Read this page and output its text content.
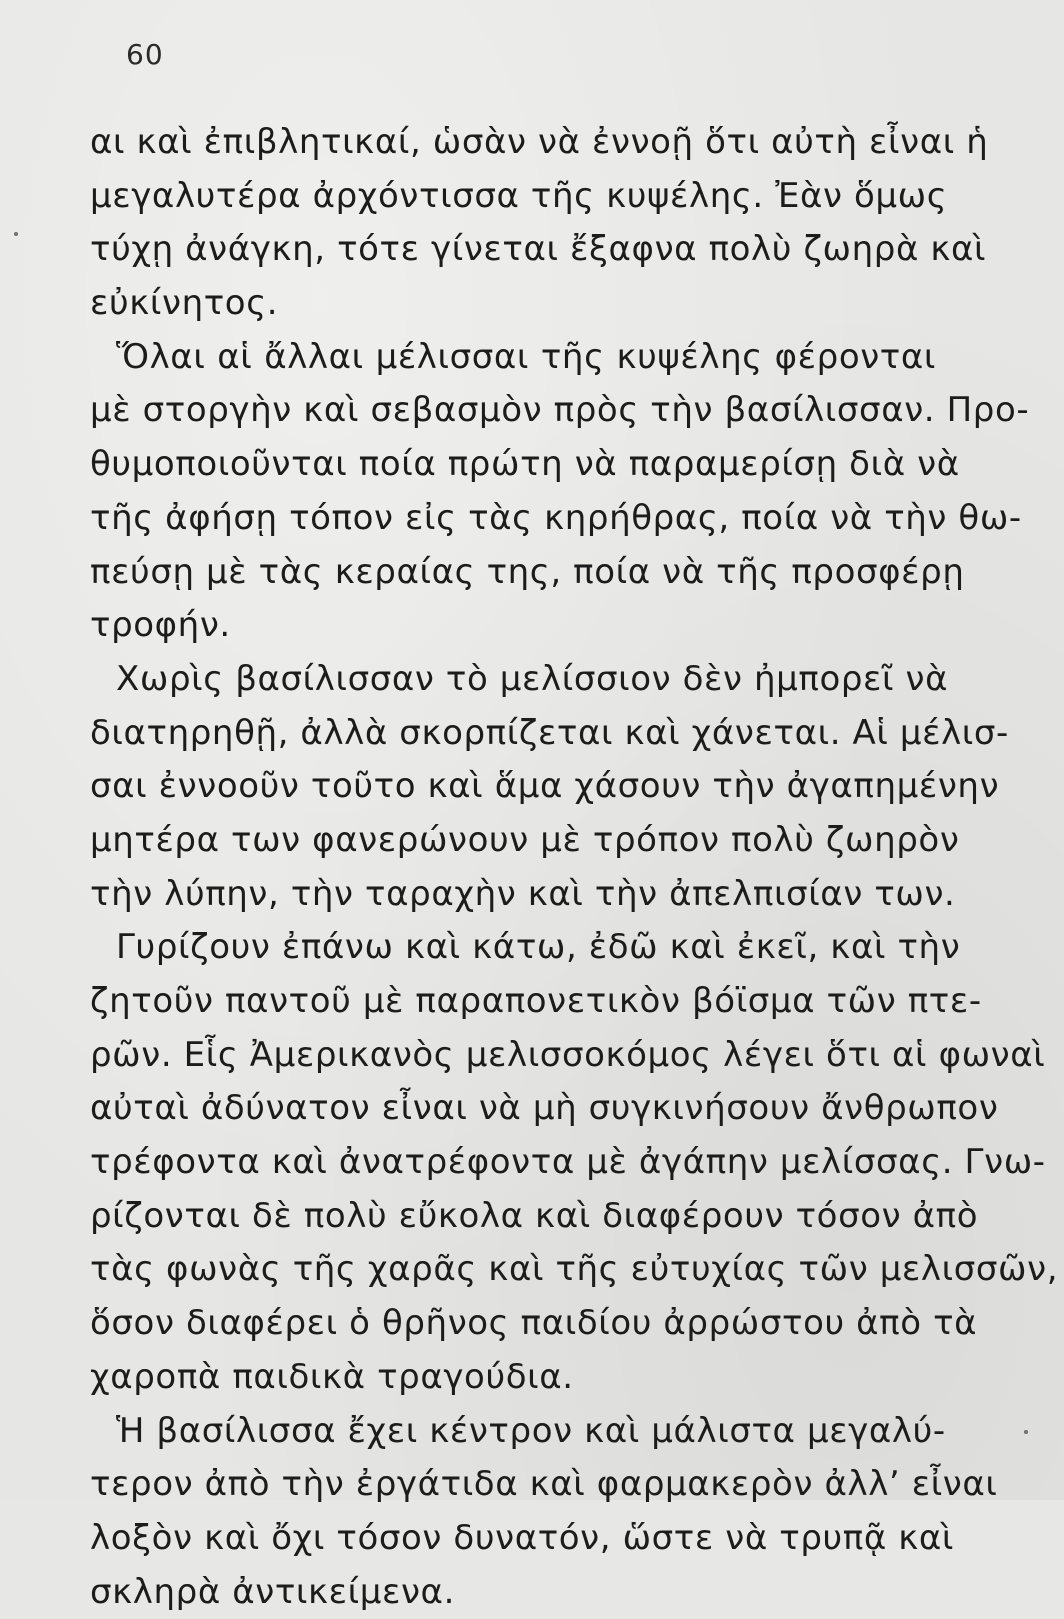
60
αι καὶ ἐπιβλητικαί, ὡσὰν νὰ ἐννοῇ ὅτι αὐτὴ εἶναι ἡ
μεγαλυτέρα ἀρχόντισσα τῆς κυψέλης. Ἐὰν ὅμως
τύχῃ ἀνάγκη, τότε γίνεται ἔξαφνα πολὺ ζωηρὰ καὶ
εὐκίνητος.
Ὅλαι αἱ ἄλλαι μέλισσαι τῆς κυψέλης φέρονται
μὲ στοργὴν καὶ σεβασμὸν πρὸς τὴν βασίλισσαν. Προ-
θυμοποιοῦνται ποία πρώτη νὰ παραμερίσῃ διὰ νὰ
τῆς ἀφήσῃ τόπον εἰς τὰς κηρήθρας, ποία νὰ τὴν θω-
πεύσῃ μὲ τὰς κεραίας της, ποία νὰ τῆς προσφέρῃ
τροφήν.
Χωρὶς βασίλισσαν τὸ μελίσσιον δὲν ἠμπορεῖ νὰ
διατηρηθῇ, ἀλλὰ σκορπίζεται καὶ χάνεται. Αἱ μέλισ-
σαι ἐννοοῦν τοῦτο καὶ ἅμα χάσουν τὴν ἀγαπημένην
μητέρα των φανερώνουν μὲ τρόπον πολὺ ζωηρὸν
τὴν λύπην, τὴν ταραχὴν καὶ τὴν ἀπελπισίαν των.
Γυρίζουν ἐπάνω καὶ κάτω, ἐδῶ καὶ ἐκεῖ, καὶ τὴν
ζητοῦν παντοῦ μὲ παραπονετικὸν βόϊσμα τῶν πτε-
ρῶν. Εἷς Ἀμερικανὸς μελισσοκόμος λέγει ὅτι αἱ φωναὶ
αὐταὶ ἀδύνατον εἶναι νὰ μὴ συγκινήσουν ἄνθρωπον
τρέφοντα καὶ ἀνατρέφοντα μὲ ἀγάπην μελίσσας. Γνω-
ρίζονται δὲ πολὺ εὔκολα καὶ διαφέρουν τόσον ἀπὸ
τὰς φωνὰς τῆς χαρᾶς καὶ τῆς εὐτυχίας τῶν μελισσῶν,
ὅσον διαφέρει ὁ θρῆνος παιδίου ἀρρώστου ἀπὸ τὰ
χαροπὰ παιδικὰ τραγούδια.
Ἡ βασίλισσα ἔχει κέντρον καὶ μάλιστα μεγαλύ-
τερον ἀπὸ τὴν ἐργάτιδα καὶ φαρμακερὸν ἀλλ’ εἶναι
λοξὸν καὶ ὄχι τόσον δυνατόν, ὥστε νὰ τρυπᾷ καὶ
σκληρὰ ἀντικείμενα.
